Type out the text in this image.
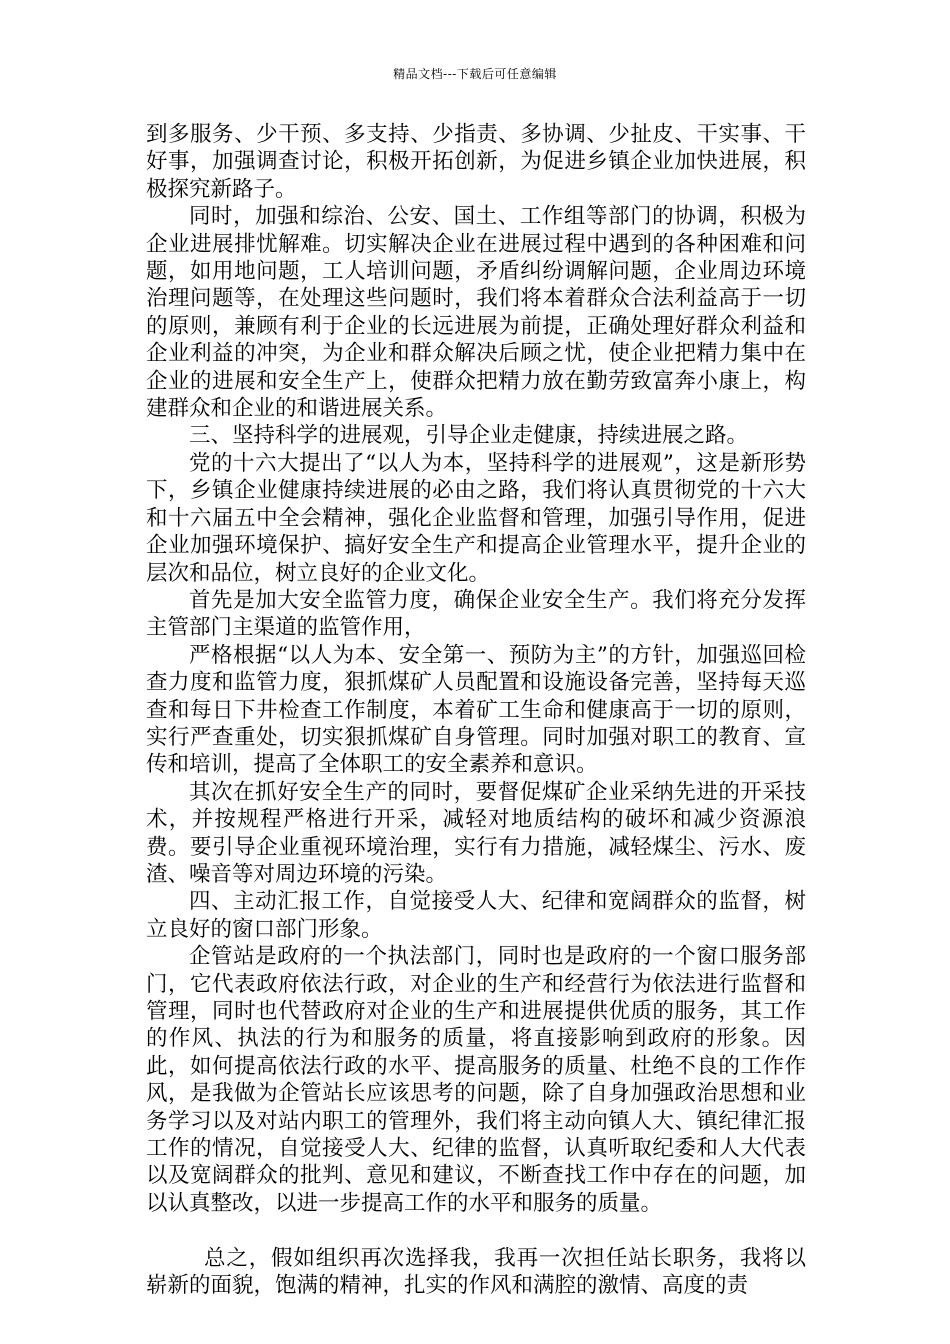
精品文档---下载后可任意编辑

到多服务、少干预、多支持、少指责、多协调、少扯皮、干实事、干好事，加强调查讨论，积极开拓创新，为促进乡镇企业加快进展，积极探究新路子。

同时，加强和综治、公安、国土、工作组等部门的协调，积极为企业进展排忧解难。切实解决企业在进展过程中遇到的各种困难和问题，如用地问题，工人培训问题，矛盾纠纷调解问题，企业周边环境治理问题等，在处理这些问题时，我们将本着群众合法利益高于一切的原则，兼顾有利于企业的长远进展为前提，正确处理好群众利益和企业利益的冲突，为企业和群众解决后顾之忧，使企业把精力集中在企业的进展和安全生产上，使群众把精力放在勤劳致富奔小康上，构建群众和企业的和谐进展关系。

三、坚持科学的进展观，引导企业走健康，持续进展之路。

党的十六大提出了“以人为本，坚持科学的进展观”，这是新形势下，乡镇企业健康持续进展的必由之路，我们将认真贯彻党的十六大和十六届五中全会精神，强化企业监督和管理，加强引导作用，促进企业加强环境保护、搞好安全生产和提高企业管理水平，提升企业的层次和品位，树立良好的企业文化。

首先是加大安全监管力度，确保企业安全生产。我们将充分发挥主管部门主渠道的监管作用，

严格根据“以人为本、安全第一、预防为主”的方针，加强巡回检查力度和监管力度，狠抓煤矿人员配置和设施设备完善，坚持每天巡查和每日下井检查工作制度，本着矿工生命和健康高于一切的原则，实行严查重处，切实狠抓煤矿自身管理。同时加强对职工的教育、宣传和培训，提高了全体职工的安全素养和意识。

其次在抓好安全生产的同时，要督促煤矿企业采纳先进的开采技术，并按规程严格进行开采，减轻对地质结构的破坏和减少资源浪费。要引导企业重视环境治理，实行有力措施，减轻煤尘、污水、废渣、噪音等对周边环境的污染。

四、主动汇报工作，自觉接受人大、纪律和宽阔群众的监督，树立良好的窗口部门形象。

企管站是政府的一个执法部门，同时也是政府的一个窗口服务部门，它代表政府依法行政，对企业的生产和经营行为依法进行监督和管理，同时也代替政府对企业的生产和进展提供优质的服务，其工作的作风、执法的行为和服务的质量，将直接影响到政府的形象。因此，如何提高依法行政的水平、提高服务的质量、杜绝不良的工作作风，是我做为企管站长应该思考的问题，除了自身加强政治思想和业务学习以及对站内职工的管理外，我们将主动向镇人大、镇纪律汇报工作的情况，自觉接受人大、纪律的监督，认真听取纪委和人大代表以及宽阔群众的批判、意见和建议，不断查找工作中存在的问题，加以认真整改，以进一步提高工作的水平和服务的质量。

总之，假如组织再次选择我，我再一次担任站长职务，我将以崭新的面貌，饱满的精神，扎实的作风和满腔的激情、高度的责
